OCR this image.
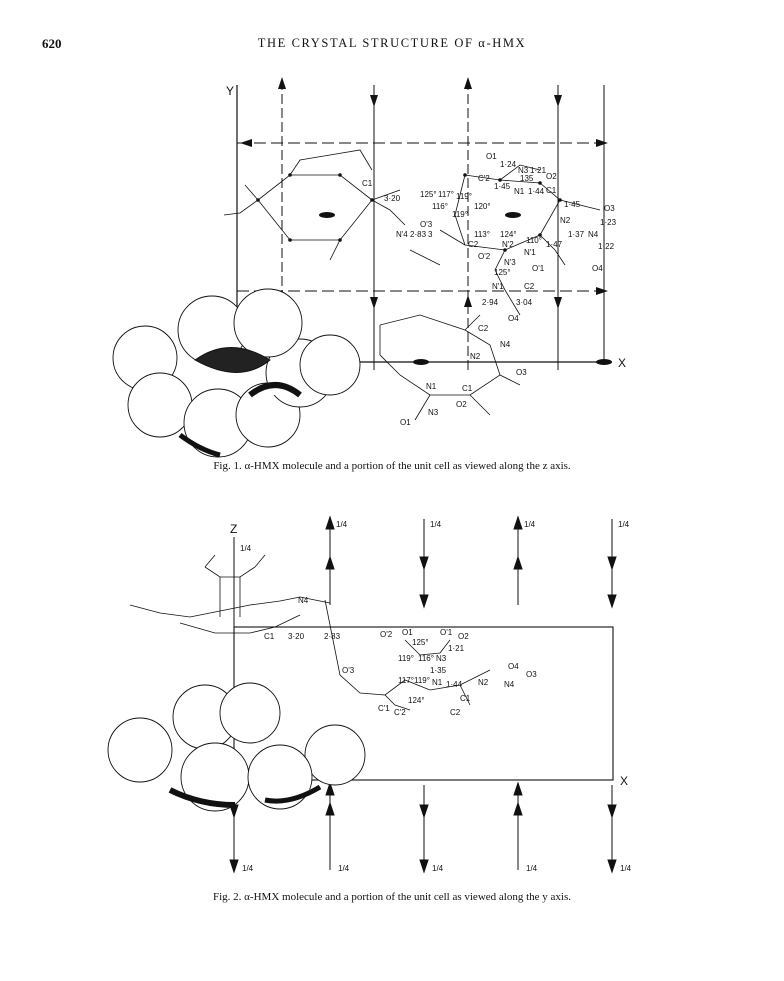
620	THE CRYSTAL STRUCTURE OF α-HMX
Y
X
O1
1·24
N3 1·21
O2
C'2	135
1·45
N1 1·44 C1
C1
3·20 125° 117°
116°
119°
120°
119°
O'3
N'4 2·83 3
1·45
N2
O3
1·23
113° 124°	1·37 N4
C2	N'2 110° 1·47	1·22
N'1
O'2
N'3
O'1	O4
125°
N'1	C2
2·94 3·04
O4
C2
N4
N2
O3
N1	C1
O2
N3
O1
Fig. 1. α-HMX molecule and a portion of the unit cell as viewed along the z axis.
Z
1/4
X
1/4	1/4	1/4	1/4
1/4	1/4	1/4	1/4	1/4
N4
C1 3·20 2·83	O'2 O1	O'1 O2
125°
1·21
119° 116° N3
O'3	1·35	O4
O3
117° 119° N1 1·44 N2 N4
124°	C1
C'1 C'2	C2
Fig. 2. α-HMX molecule and a portion of the unit cell as viewed along the y axis.
